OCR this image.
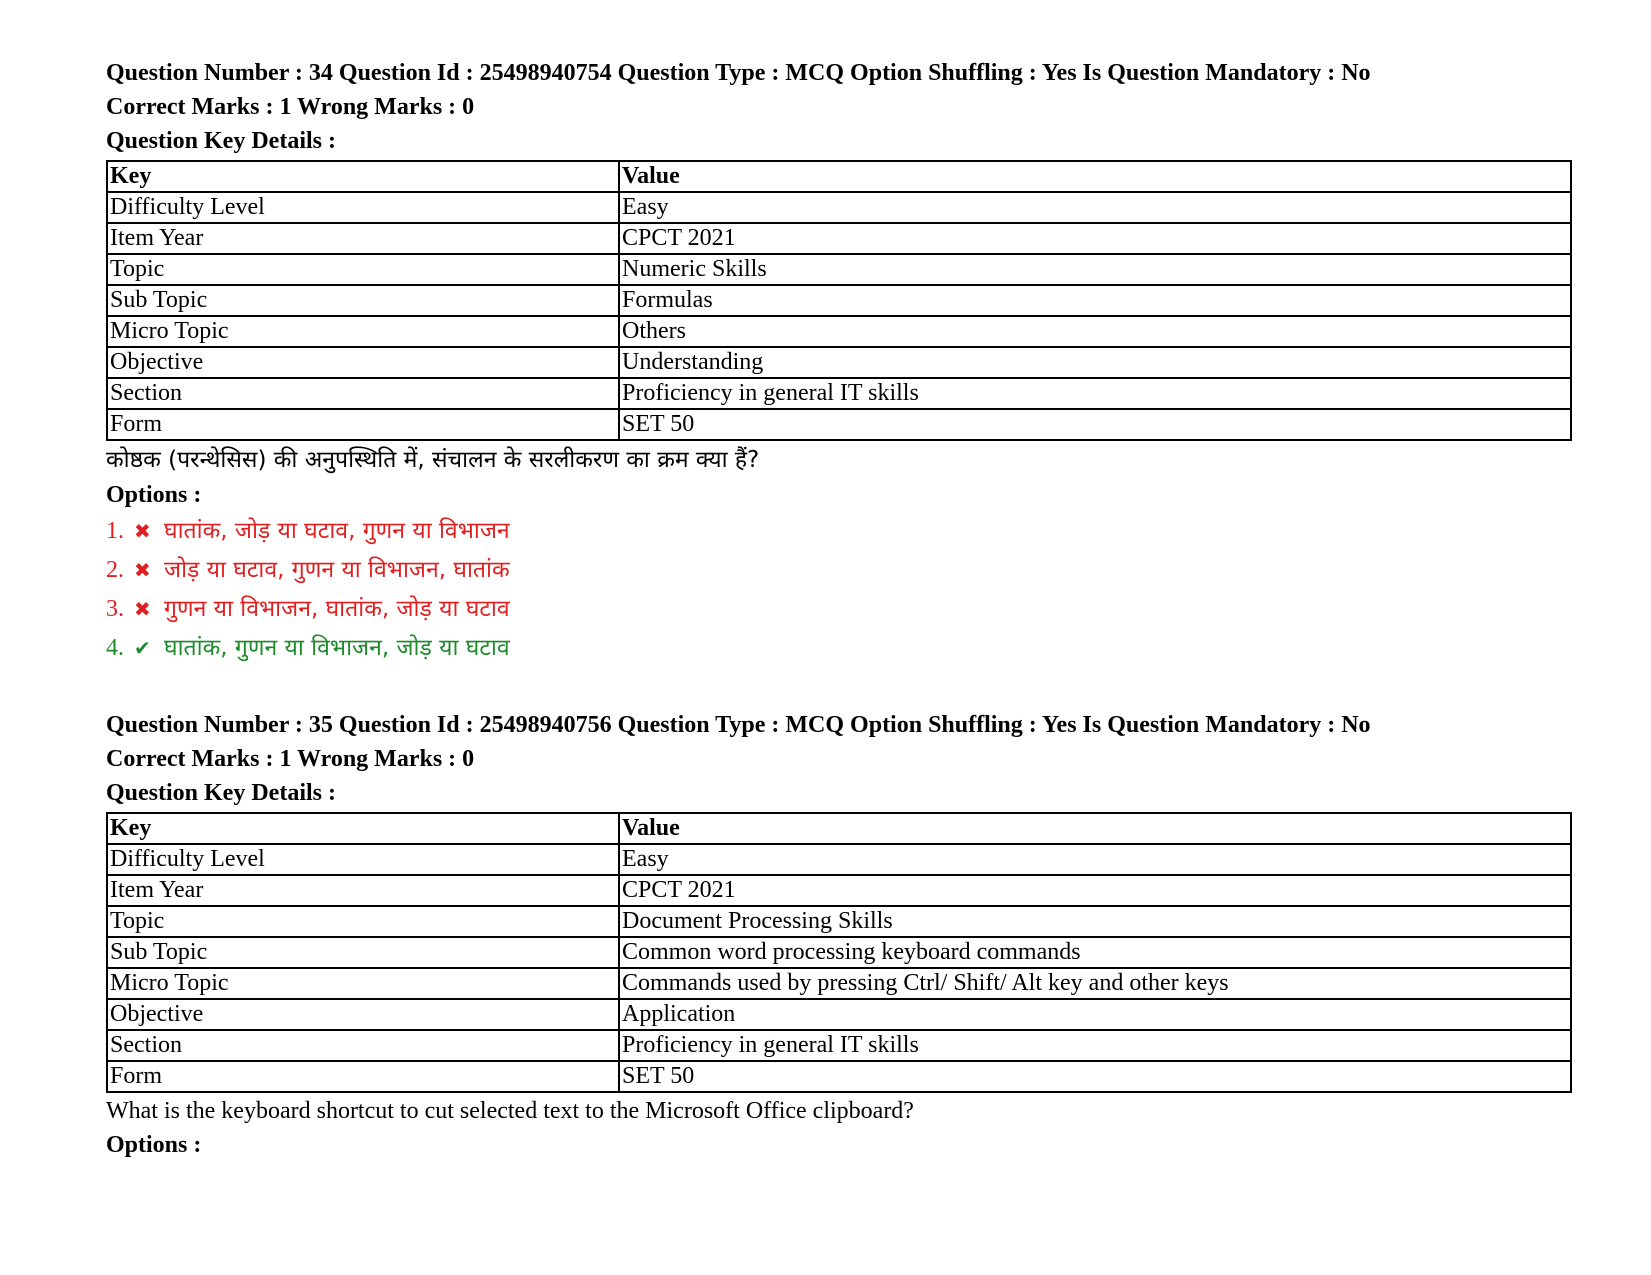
Question Number : 34 Question Id : 25498940754 Question Type : MCQ Option Shuffling : Yes Is Question Mandatory : No
Correct Marks : 1 Wrong Marks : 0
Question Key Details :
Key	Value
Difficulty Level	Easy
Item Year	CPCT 2021
Topic	Numeric Skills
Sub Topic	Formulas
Micro Topic	Others
Objective	Understanding
Section	Proficiency in general IT skills
Form	SET 50
कोष्ठक (परन्थेसिस) की अनुपस्थिति में, संचालन के सरलीकरण का क्रम क्या हैं?
Options :
1. ✖ घातांक, जोड़ या घटाव, गुणन या विभाजन
2. ✖ जोड़ या घटाव, गुणन या विभाजन, घातांक
3. ✖ गुणन या विभाजन, घातांक, जोड़ या घटाव
4. ✔ घातांक, गुणन या विभाजन, जोड़ या घटाव
Question Number : 35 Question Id : 25498940756 Question Type : MCQ Option Shuffling : Yes Is Question Mandatory : No
Correct Marks : 1 Wrong Marks : 0
Question Key Details :
Key	Value
Difficulty Level	Easy
Item Year	CPCT 2021
Topic	Document Processing Skills
Sub Topic	Common word processing keyboard commands
Micro Topic	Commands used by pressing Ctrl/ Shift/ Alt key and other keys
Objective	Application
Section	Proficiency in general IT skills
Form	SET 50
What is the keyboard shortcut to cut selected text to the Microsoft Office clipboard?
Options :
